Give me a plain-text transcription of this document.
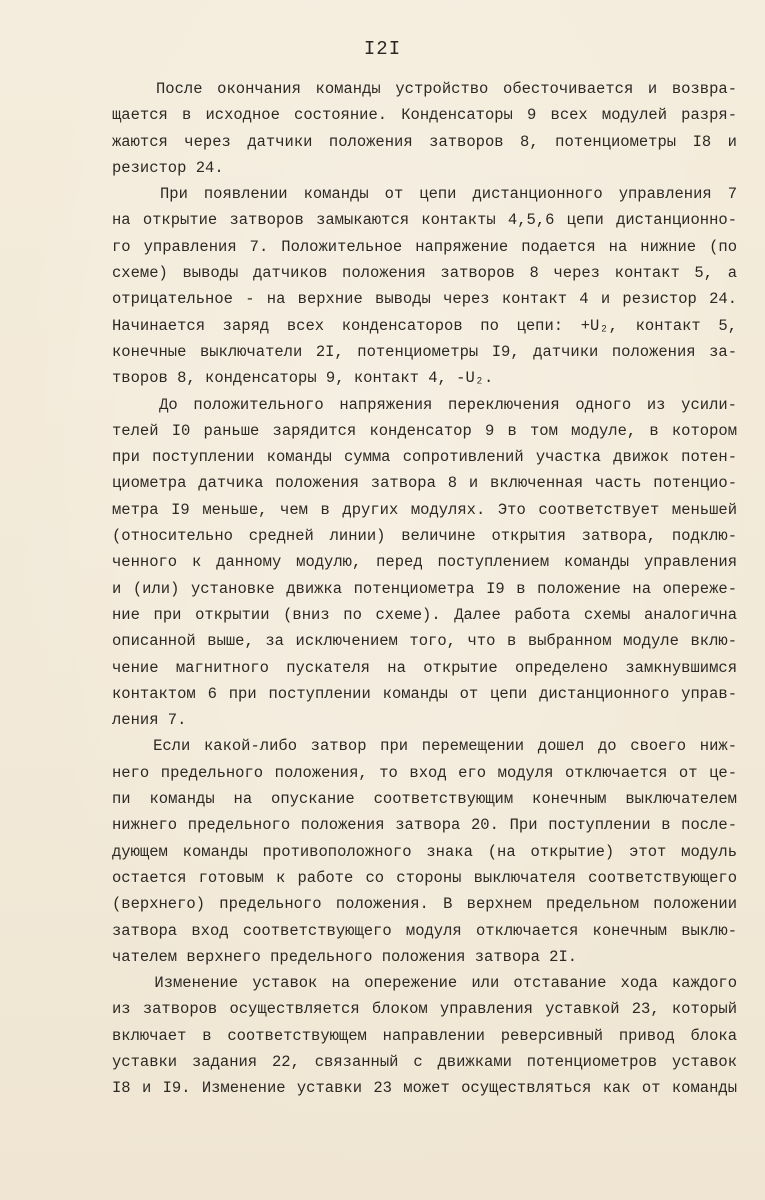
I2I
После окончания команды устройство обесточивается и возвра-
щается в исходное состояние. Конденсаторы 9 всех модулей разря-
жаются через датчики положения затворов 8, потенциометры I8 и
резистор 24.
При появлении команды от цепи дистанционного управления 7
на открытие затворов замыкаются контакты 4,5,6 цепи дистанционно-
го управления 7. Положительное напряжение подается на нижние (по
схеме) выводы датчиков положения затворов 8 через контакт 5, а
отрицательное - на верхние выводы через контакт 4 и резистор 24.
Начинается заряд всех конденсаторов по цепи: +U₂, контакт 5,
конечные выключатели 2I, потенциометры I9, датчики положения за-
творов 8, конденсаторы 9, контакт 4, -U₂.
До положительного напряжения переключения одного из усили-
телей I0 раньше зарядится конденсатор 9 в том модуле, в котором
при поступлении команды сумма сопротивлений участка движок потен-
циометра датчика положения затвора 8 и включенная часть потенцио-
метра I9 меньше, чем в других модулях. Это соответствует меньшей
(относительно средней линии) величине открытия затвора, подклю-
ченного к данному модулю, перед поступлением команды управления
и (или) установке движка потенциометра I9 в положение на опереже-
ние при открытии (вниз по схеме). Далее работа схемы аналогична
описанной выше, за исключением того, что в выбранном модуле вклю-
чение магнитного пускателя на открытие определено замкнувшимся
контактом 6 при поступлении команды от цепи дистанционного управ-
ления 7.
Если какой-либо затвор при перемещении дошел до своего ниж-
него предельного положения, то вход его модуля отключается от це-
пи команды на опускание соответствующим конечным выключателем
нижнего предельного положения затвора 20. При поступлении в после-
дующем команды противоположного знака (на открытие) этот модуль
остается готовым к работе со стороны выключателя соответствующего
(верхнего) предельного положения. В верхнем предельном положении
затвора вход соответствующего модуля отключается конечным выклю-
чателем верхнего предельного положения затвора 2I.
Изменение уставок на опережение или отставание хода каждого
из затворов осуществляется блоком управления уставкой 23, который
включает в соответствующем направлении реверсивный привод блока
уставки задания 22, связанный с движками потенциометров уставок
I8 и I9. Изменение уставки 23 может осуществляться как от команды
